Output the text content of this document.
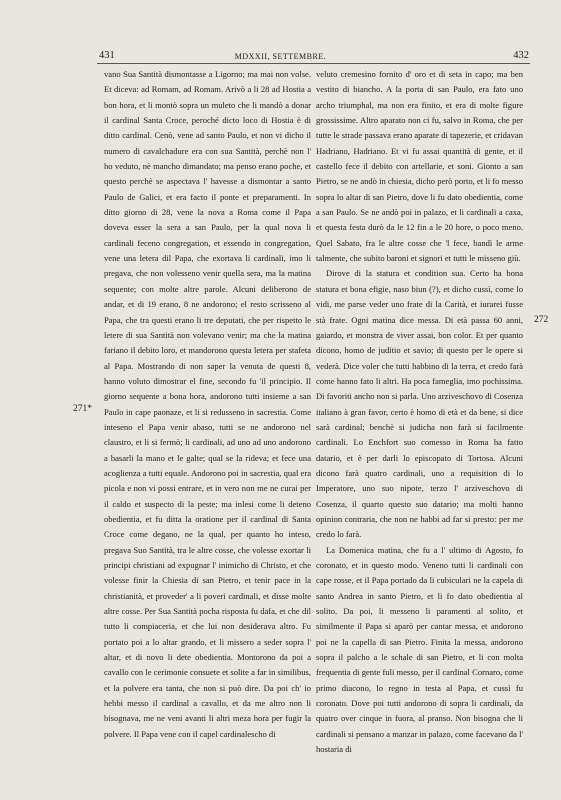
431	MDXXII, SETTEMBRE.	432
271*
272

vano Sua Santità dismontasse a Ligorno; ma mai non volse. Et diceva: ad Romam, ad Romam. Arivò a li 28 ad Hostia a bon hora, et li montò sopra un muleto che li mandò a donar il cardinal Santa Croce, peroché dicto loco di Hostia è di ditto cardinal. Cenò, vene ad santo Paulo, et non vi dicho il numero di cavalchadure era con sua Santità, perchè non l' ho veduto, nè mancho dimandato; ma penso erano poche, et questo perchè se aspectava l' havesse a dismontar a santo Paulo de Galici, et era facto il ponte et preparamenti. In ditto giorno di 28, vene la nova a Roma come il Papa doveva esser la sera a san Paulo, per la qual nova li cardinali feceno congregation, et essendo in congregation, vene una letera dil Papa, che exortava li cardinali, imo li pregava, che non volesseno venir quella sera, ma la matina sequente; con molte altre parole. Alcuni deliberono de andar, et di 19 erano, 8 ne andorono; el resto scrisseno al Papa, che tra questi erano li tre deputati, che per rispetto le letere di sua Santità non volevano venir; ma che la matina fariano il debito loro, et mandorono questa letera per stafeta al Papa. Mostrando di non saper la venuta de questi 8, hanno voluto dimostrar el fine, secondo fu 'il principio. Il giorno sequente a bona hora, andorono tutti insieme a san Paulo in cape paonaze, et li si redusseno in sacrestia. Come inteseno el Papa venir abaso, tutti se ne andorono nel claustro, et li si fermò; li cardinali, ad uno ad uno andorono a basarli la mano et le galte; qual se la rideva; et fece una acoglienza a tutti equale. Andorono poi in sacrestia, qual era picola e non vi possi entrare, et in vero non me ne curai per il caldo et suspecto di la peste; ma inlesi come li deteno obedientia, et fu ditta la oratione per il cardinal di Santa Croce come degano, ne la qual, per quanto ho inteso, pregava Suo Santità, tra le altre cosse, che volesse exortar li principi christiani ad expugnar l' inimicho di Christo, et che volesse finir la Chiesia di san Pietro, et tenir pace in la christianità, et proveder' a li poveri cardinali, et disse molte altre cosse. Per Sua Santità pocha risposta fu dafa, et che dil tutto li compiaceria, et che lui non desiderava altro. Fu portato poi a lo altar grando, et li missero a seder sopra l' altar, et di novo li dete obedientia. Montorono da poi a cavallo con le cerimonie consuete et solite a far in similibus, et la polvere era tanta, che non si può dire. Da poi ch' io hebbi messo il cardinal a cavallo, et da me altro non li bisognava, me ne veni avanti li altri meza hora per fugir la polvere. Il Papa vene con il capel cardinalescho di

veluto cremesino fornito d' oro et di seta in capo; ma ben vestito di biancho. A la porta di san Paulo, era fato uno archo triumphal, ma non era finito, et era di molte figure grossissime. Altro aparato non ci fu, salvo in Roma, che per tutte le strade passava erano aparate di tapezerie, et cridavan Hadriano, Hadriano. Et vi fu assai quantità di gente, et il castello fece il debito con artellarie, et soni. Gionto a san Pietro, se ne andò in chiesia, dicho però porto, et li fo messo sopra lo altar di san Pietro, dove li fu dato obedientia, come a san Paulo. Se ne andò poi in palazo, et li cardinali a caxa, et questa festa durò da le 12 fin a le 20 hore, o poco meno. Quel Sabato, fra le altre cosse che 'l fece, bandì le arme talmente, che subito baroni et signori et tutti le misseno giù.

Dirove di la statura et condition sua. Certo ha bona statura et bona efigie, naso biun (?), et dicho cussì, come lo vidi, me parse veder uno frate di la Carità, et iurarei fusse stà frate. Ogni matina dice messa. Di età passa 60 anni, gaiardo, et monstra de viver assai, bon color. Et per quanto dicono, homo de juditio et savio; di questo per le opere si vederà. Dice voler che tutti habbino di la terra, et credo farà come hanno fato li altri. Ha poca fameglia, imo pochissima. Di favoriti ancho non si parla. Uno arziveschovo di Cosenza italiano à gran favor, certo è homo di età et da bene, si dice sarà cardinal; benchè si judicha non farà si facilmente cardinali. Lo Enchfort suo comesso in Roma ha fatto datario, et è per darli lo episcopato di Tortosa. Alcuni dicono farà quatro cardinali, uno a requisition di lo Imperatore, uno suo nipote, terzo l' arziveschovo di Cosenza, il quarto questo suo datario; ma molti hanno opinion contraria, che non ne habbi ad far si presto: per me credo lo farà.

La Domenica matina, che fu a l' ultimo di Agosto, fo coronato, et in questo modo. Veneno tutti li cardinali con cape rosse, et il Papa portado da li cubiculari ne la capela di santo Andrea in santo Pietro, et li fo dato obedientia al solito. Da poi, li messeno li paramenti al solito, et similmente il Papa si aparò per cantar messa, et andorono poi ne la capella di san Pietro. Finita la messa, andorono sopra il palcho a le schale di san Pietro, et li con molta frequentia di gente fuli messo, per il cardinal Cornaro, come primo diacono, lo regno in testa al Papa, et cussì fu coronato. Dove poi tutti andorono di sopra li cardinali, da quatro over cinque in fuora, al pranso. Non bisogna che li cardinali si pensano a manzar in palazo, come facevano da l' hostaria di
